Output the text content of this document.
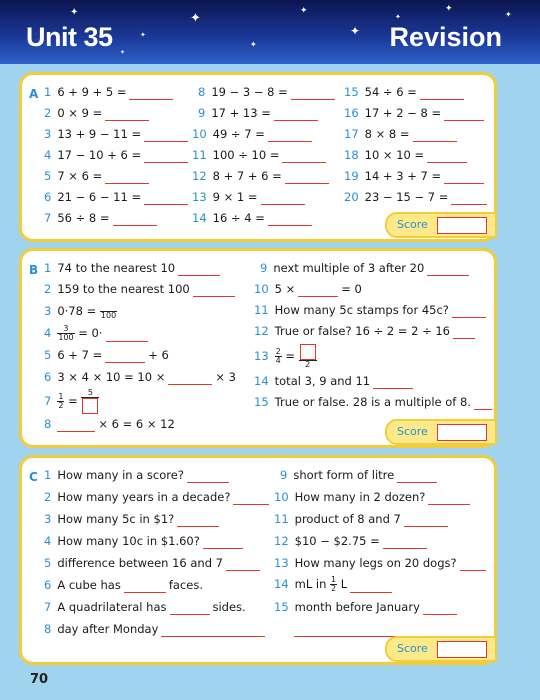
✦
✦
✦
✦
✦
✦
✦
✦
✦
✦
Unit 35	Revision
A 1 6 + 9 + 5 =
2 0 × 9 =
3 13 + 9 − 11 =
4 17 − 10 + 6 =
5 7 × 6 =
6 21 − 6 − 11 =
7 56 ÷ 8 =
8 19 − 3 − 8 =
9 17 + 13 =
10 49 ÷ 7 =
11 100 ÷ 10 =
12 8 + 7 + 6 =
13 9 × 1 =
14 16 ÷ 4 =
15 54 ÷ 6 =
16 17 + 2 − 8 =
17 8 × 8 =
18 10 × 10 =
19 14 + 3 + 7 =
20 23 − 15 − 7 =
Score
B 1 74 to the nearest 10
2 159 to the nearest 100
3 0·78 = 100
$4 \frac{3}{100} = 0\cdot$
5 6 + 7 =	+ 6
6 3 × 4 × 10 = 10 ×	× 3
$7 \frac{1}{2}$ =
5
8	× 6 = 6 × 12
9 next multiple of 3 after 20
10 5 ×	= 0
11 How many 5c stamps for 45c?
12 True or false? 16 ÷ 2 = 2 ÷ 16
$13 \frac{2}{4}$ =
2
14 total 3, 9 and 11
15 True or false. 28 is a multiple of 8.
Score
C 1 How many in a score?
2 How many years in a decade?
3 How many 5c in $1?
4 How many 10c in $1.60?
5 difference between 16 and 7
6 A cube has	faces.
7 A quadrilateral has	sides.
8 day after Monday
9 short form of litre
10 How many in 2 dozen?
11 product of 8 and 7
12 $10 − $2.75 =
13 How many legs on 20 dogs?
14 mL in $\frac{1}{2}$ L
15 month before January
Score
70
